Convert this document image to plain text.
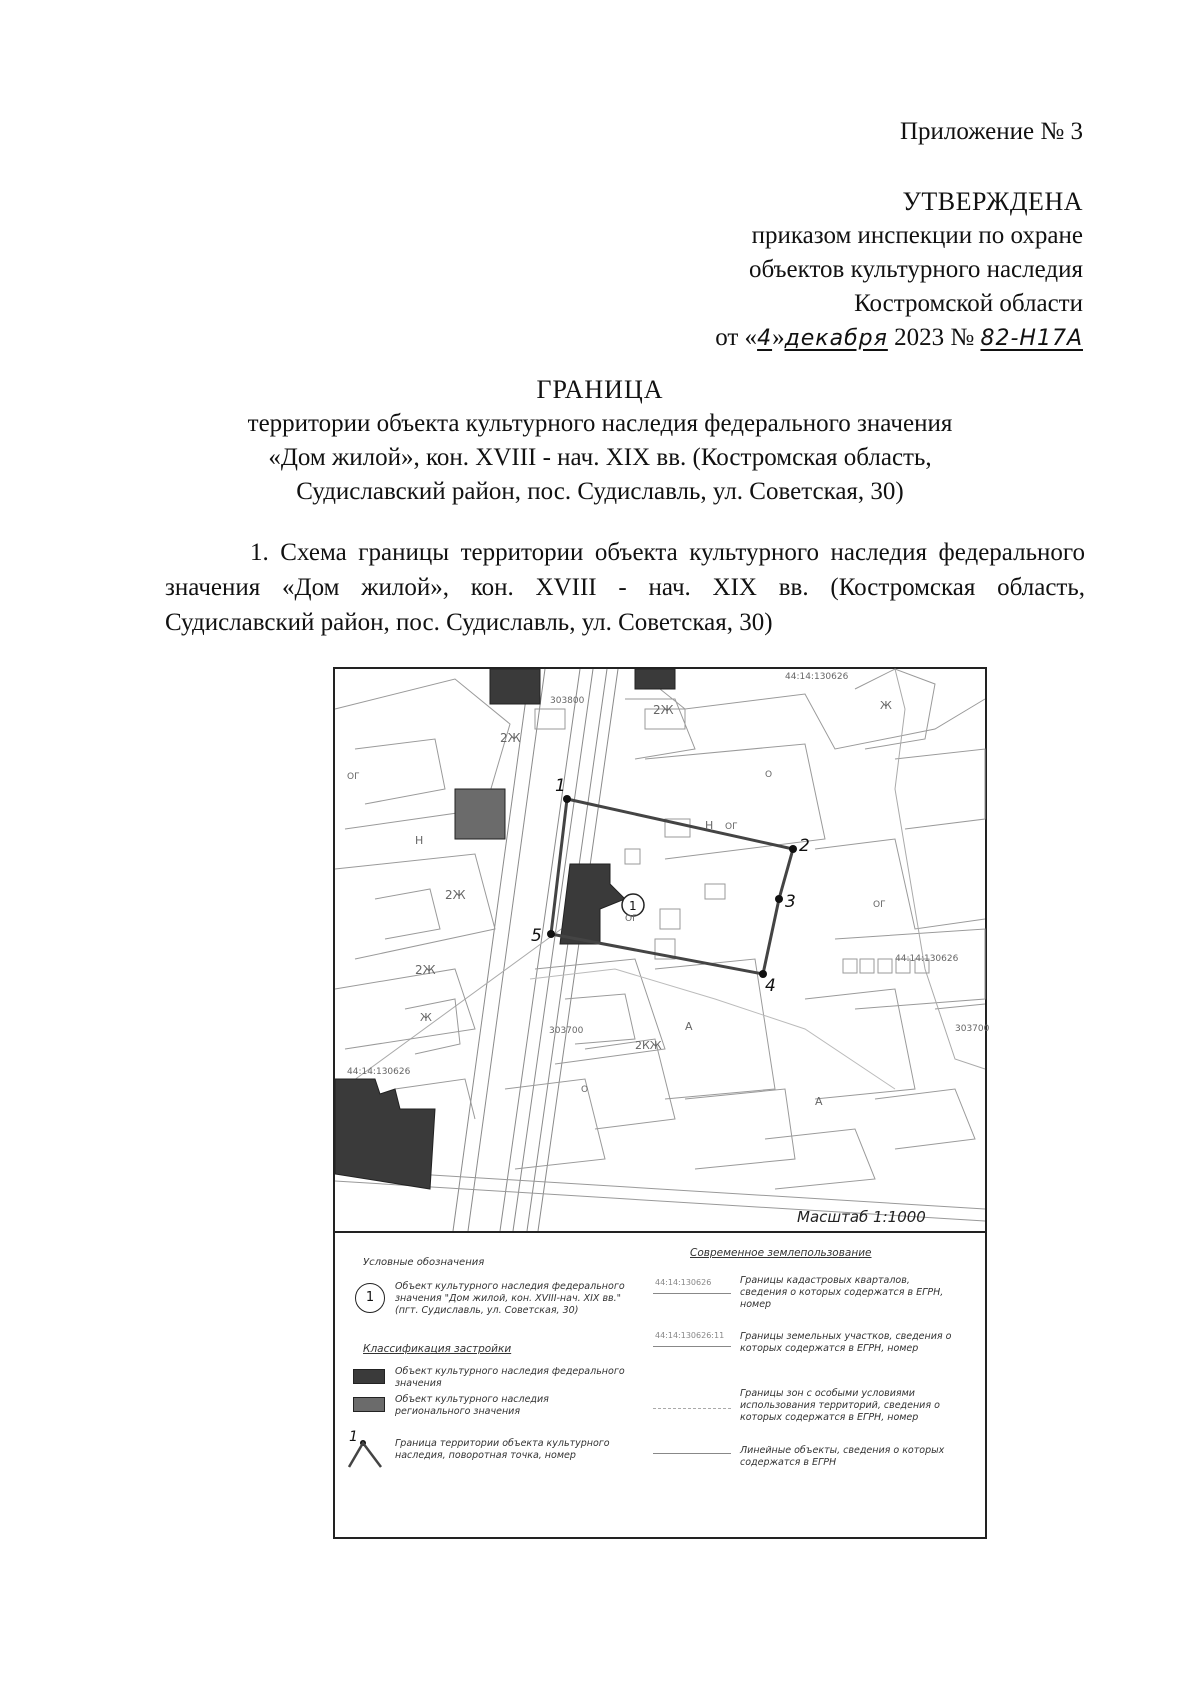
Приложение № 3
УТВЕРЖДЕНА
приказом инспекции по охране
объектов культурного наследия
Костромской области
от «4»декабря 2023 № 82-Н17А
ГРАНИЦА
территории объекта культурного наследия федерального значения
«Дом жилой», кон. XVIII - нач. XIX вв. (Костромская область,
Судиславский район, пос. Судиславль, ул. Советская, 30)
1. Схема границы территории объекта культурного наследия федерального значения «Дом жилой», кон. XVIII - нач. XIX вв. (Костромская область, Судиславский район, пос. Судиславль, ул. Советская, 30)
1
2
3
4
5
1
303800
303700	303700
44:14:130626
44:14:130626
44:14:130626
2Ж
2Ж
2Ж
2Ж
Ж
Ж
Н
Н
ОГ
ОГ
ОГ
ОГ
О
О
А
А
2КЖ
Масштаб 1:1000
Условные обозначения
1
Объект культурного наследия федерального значения "Дом жилой, кон. XVIII-нач. XIX вв." (пгт. Судиславль, ул. Советская, 30)
Классификация застройки
Объект культурного наследия федерального значения
Объект культурного наследия регионального значения
1	Граница территории объекта культурного наследия, поворотная точка, номер
Современное землепользование
44:14:130626	Границы кадастровых кварталов, сведения о которых содержатся в ЕГРН, номер
44:14:130626:11 Границы земельных участков, сведения о которых содержатся в ЕГРН, номер
Границы зон с особыми условиями использования территорий, сведения о которых содержатся в ЕГРН, номер
Линейные объекты, сведения о которых содержатся в ЕГРН
